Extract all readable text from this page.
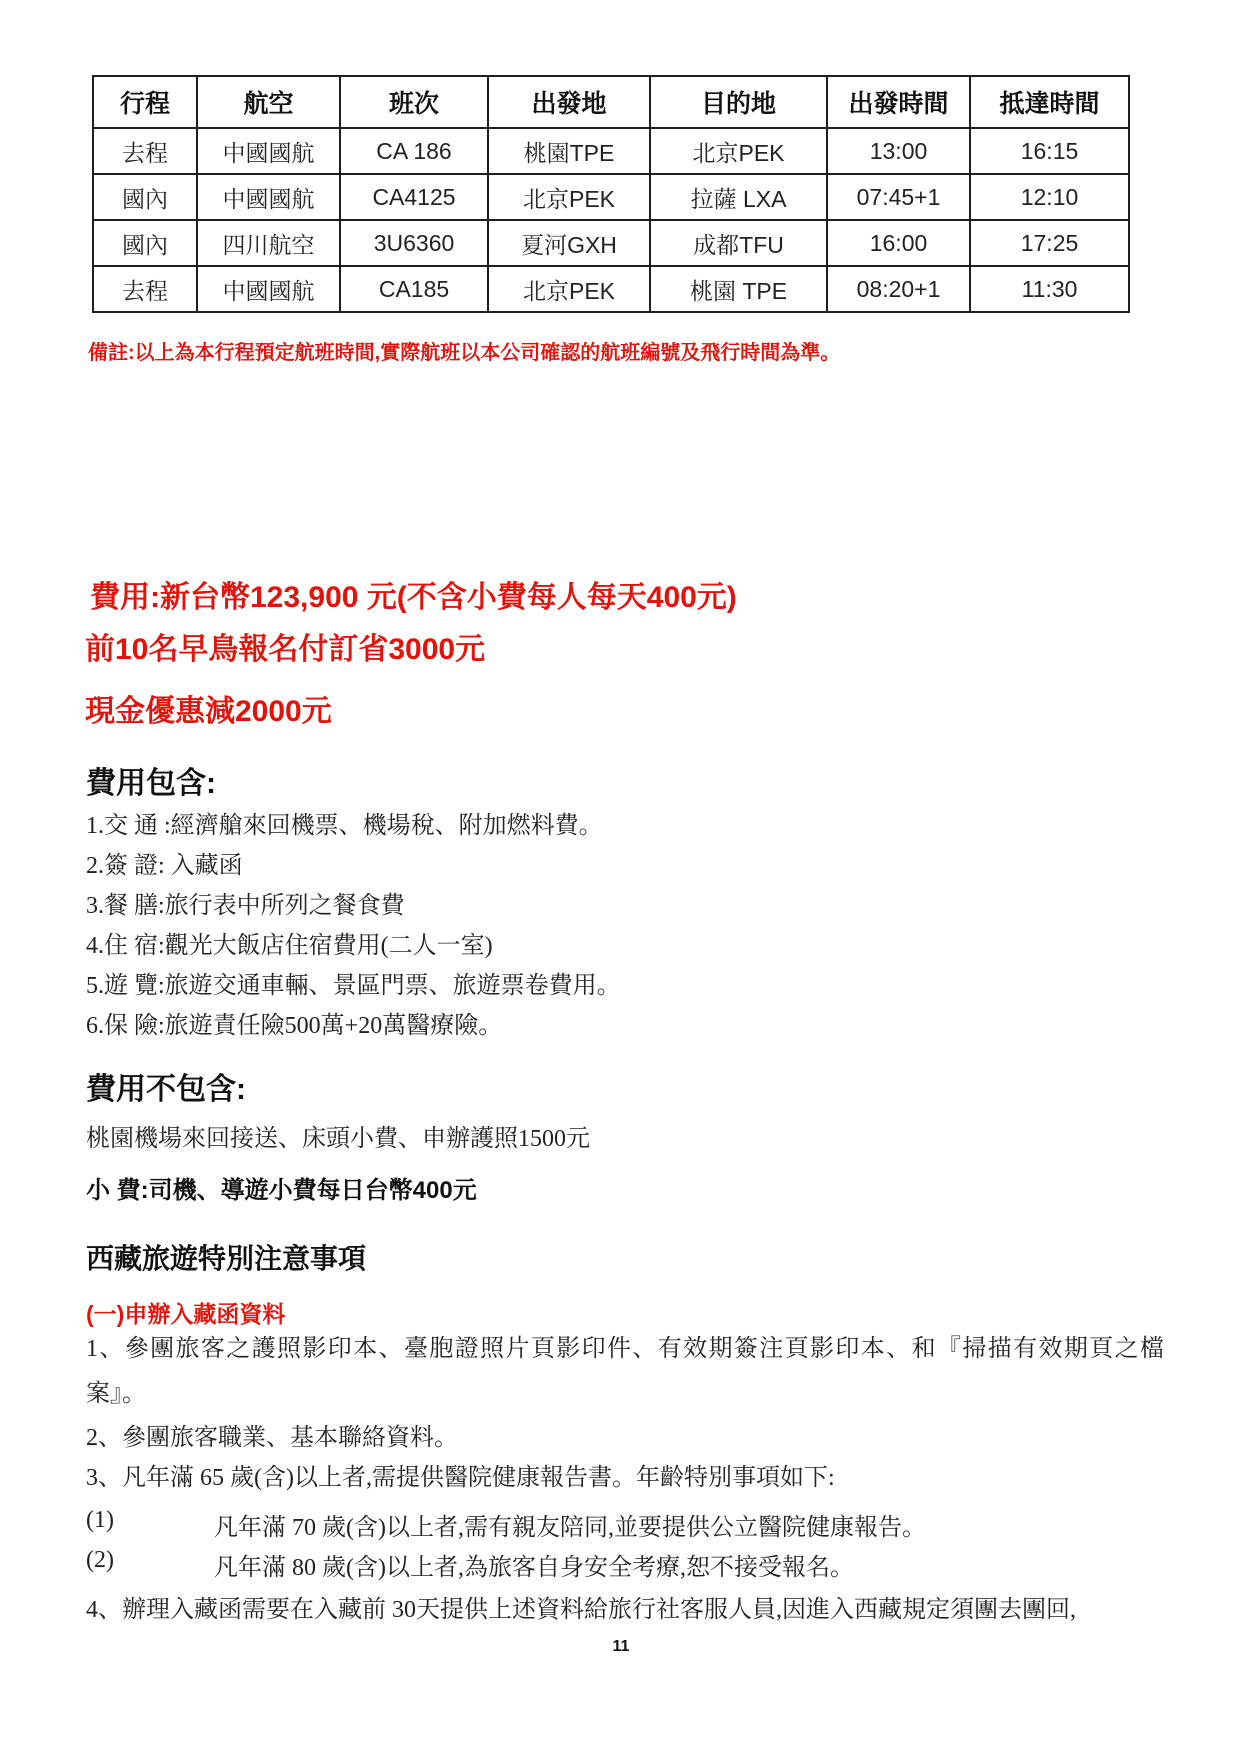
行程	航空	班次	出發地	目的地	出發時間	抵達時間
去程	中國國航	CA 186	桃園TPE	北京PEK	13:00	16:15
國內	中國國航	CA4125	北京PEK	拉薩 LXA	07:45+1	12:10
國內	四川航空	3U6360	夏河GXH	成都TFU	16:00	17:25
去程	中國國航	CA185	北京PEK	桃園 TPE	08:20+1	11:30
備註:以上為本行程預定航班時間,實際航班以本公司確認的航班編號及飛行時間為準。
費用:新台幣123,900 元(不含小費每人每天400元)
前10名早鳥報名付訂省3000元
現金優惠減2000元
費用包含:
1.交 通 :經濟艙來回機票、機場稅、附加燃料費。
2.簽 證: 入藏函
3.餐 膳:旅行表中所列之餐食費
4.住 宿:觀光大飯店住宿費用(二人一室)
5.遊 覽:旅遊交通車輛、景區門票、旅遊票卷費用。
6.保 險:旅遊責任險500萬+20萬醫療險。
費用不包含:
桃園機場來回接送、床頭小費、申辦護照1500元
小 費:司機、導遊小費每日台幣400元
西藏旅遊特別注意事項
(一)申辦入藏函資料
1、參團旅客之護照影印本、臺胞證照片頁影印件、有效期簽注頁影印本、和『掃描有效期頁之檔案』。
2、參團旅客職業、基本聯絡資料。
3、凡年滿 65 歲(含)以上者,需提供醫院健康報告書。年齡特別事項如下:
(1)	凡年滿 70 歲(含)以上者,需有親友陪同,並要提供公立醫院健康報告。
(2)	凡年滿 80 歲(含)以上者,為旅客自身安全考療,恕不接受報名。
4、辦理入藏函需要在入藏前 30天提供上述資料給旅行社客服人員,因進入西藏規定須團去團回,
11
